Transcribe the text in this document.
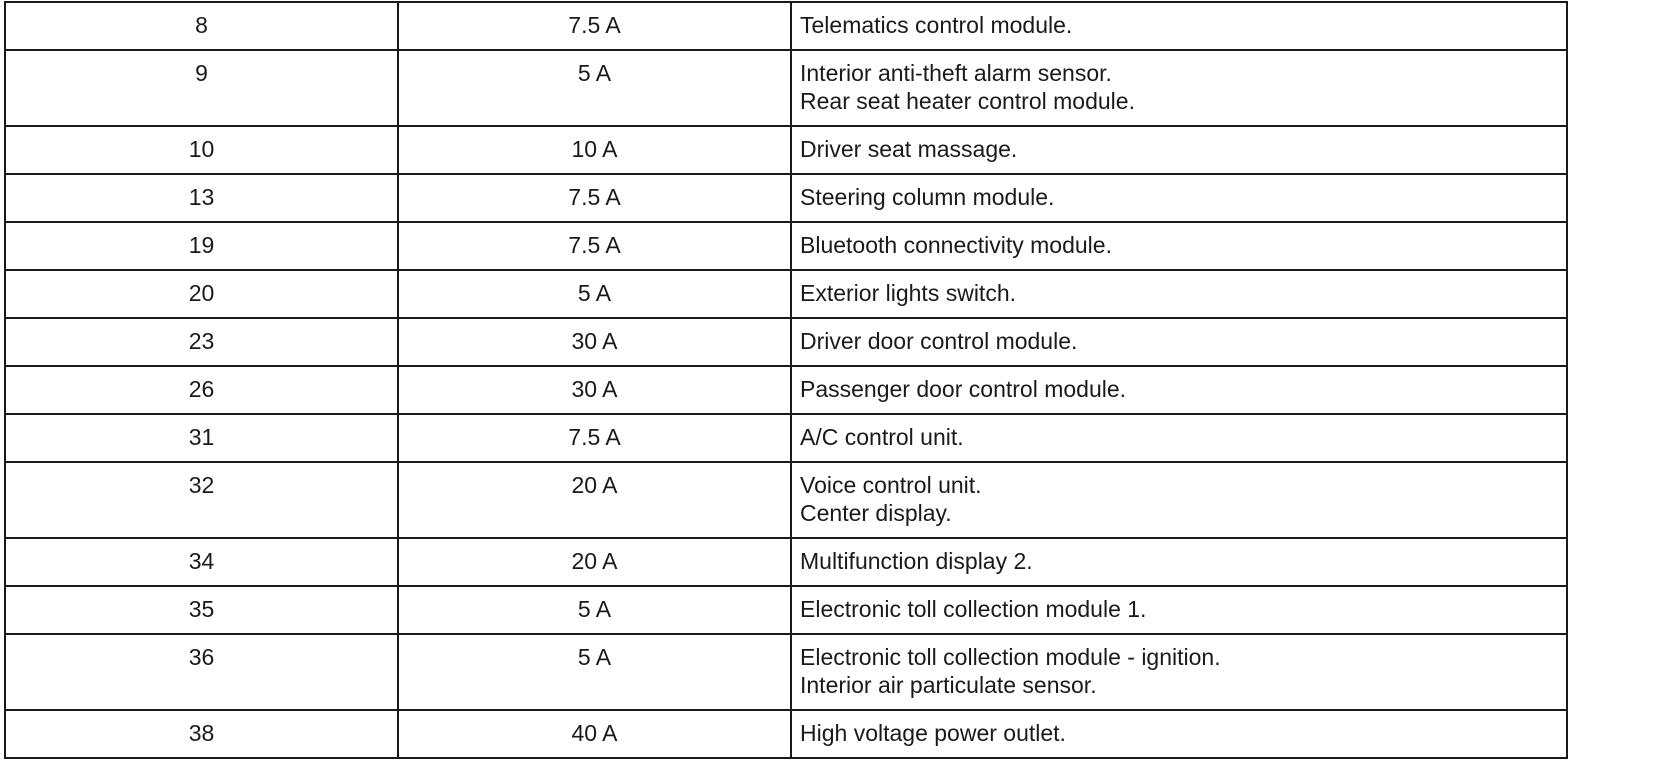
8	7.5 A	Telematics control module.

9	5 A	Interior anti-theft alarm sensor.
Rear seat heater control module.

10	10 A	Driver seat massage.

13	7.5 A	Steering column module.

19	7.5 A	Bluetooth connectivity module.

20	5 A	Exterior lights switch.

23	30 A	Driver door control module.

26	30 A	Passenger door control module.

31	7.5 A	A/C control unit.

32	20 A	Voice control unit.
Center display.

34	20 A	Multifunction display 2.

35	5 A	Electronic toll collection module 1.

36	5 A	Electronic toll collection module - ignition.
Interior air particulate sensor.

38	40 A	High voltage power outlet.
